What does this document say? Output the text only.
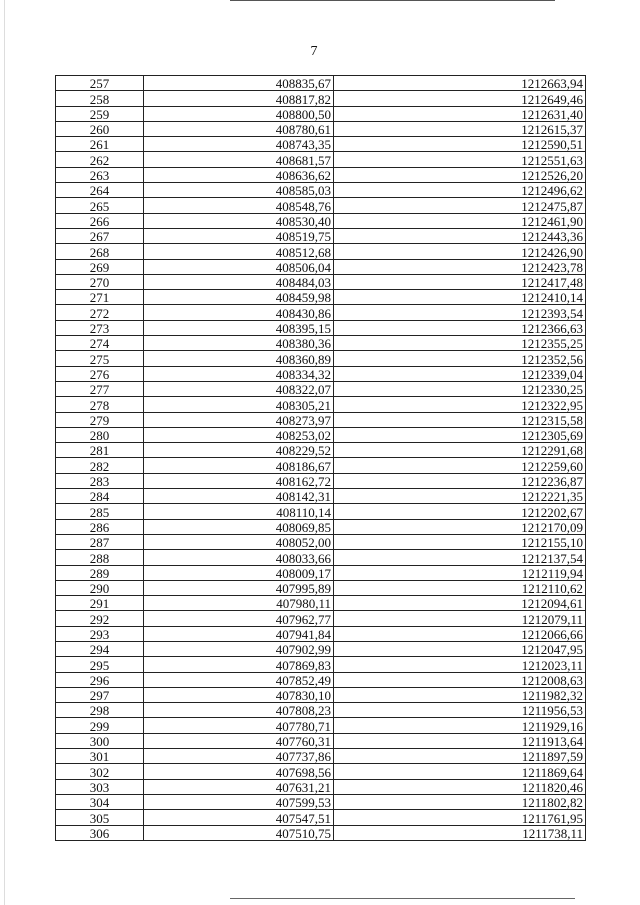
7
257	408835,67	1212663,94
258	408817,82	1212649,46
259	408800,50	1212631,40
260	408780,61	1212615,37
261	408743,35	1212590,51
262	408681,57	1212551,63
263	408636,62	1212526,20
264	408585,03	1212496,62
265	408548,76	1212475,87
266	408530,40	1212461,90
267	408519,75	1212443,36
268	408512,68	1212426,90
269	408506,04	1212423,78
270	408484,03	1212417,48
271	408459,98	1212410,14
272	408430,86	1212393,54
273	408395,15	1212366,63
274	408380,36	1212355,25
275	408360,89	1212352,56
276	408334,32	1212339,04
277	408322,07	1212330,25
278	408305,21	1212322,95
279	408273,97	1212315,58
280	408253,02	1212305,69
281	408229,52	1212291,68
282	408186,67	1212259,60
283	408162,72	1212236,87
284	408142,31	1212221,35
285	408110,14	1212202,67
286	408069,85	1212170,09
287	408052,00	1212155,10
288	408033,66	1212137,54
289	408009,17	1212119,94
290	407995,89	1212110,62
291	407980,11	1212094,61
292	407962,77	1212079,11
293	407941,84	1212066,66
294	407902,99	1212047,95
295	407869,83	1212023,11
296	407852,49	1212008,63
297	407830,10	1211982,32
298	407808,23	1211956,53
299	407780,71	1211929,16
300	407760,31	1211913,64
301	407737,86	1211897,59
302	407698,56	1211869,64
303	407631,21	1211820,46
304	407599,53	1211802,82
305	407547,51	1211761,95
306	407510,75	1211738,11
